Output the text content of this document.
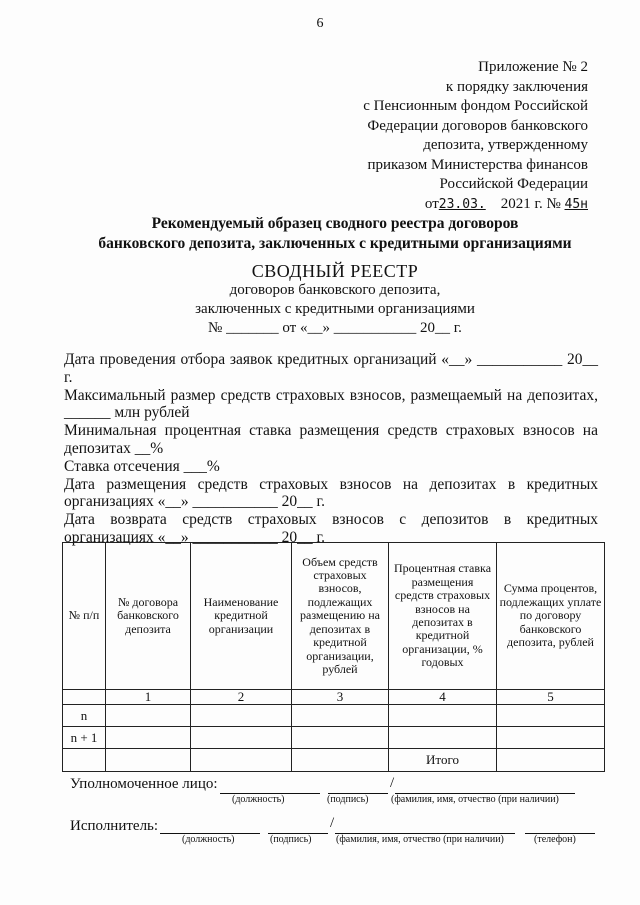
6
Приложение № 2
к порядку заключения
с Пенсионным фондом Российской
Федерации договоров банковского
депозита, утвержденному
приказом Министерства финансов
Российской Федерации
от23.03. 2021 г. № 45н
Рекомендуемый образец сводного реестра договоров
банковского депозита, заключенных с кредитными организациями
СВОДНЫЙ РЕЕСТР
договоров банковского депозита,
заключенных с кредитными организациями
№ _______ от «__» ___________ 20__ г.

Дата проведения отбора заявок кредитных организаций «__» ___________ 20__ г.

Максимальный размер средств страховых взносов, размещаемый на депозитах,

______ млн рублей

Минимальная процентная ставка размещения средств страховых взносов на депозитах __%

Ставка отсечения ___%

Дата размещения средств страховых взносов на депозитах в кредитных организациях «__» ___________ 20__ г.

Дата возврата средств страховых взносов с депозитов в кредитных организациях «__» ___________ 20__ г.

№ п/п	№ договора банковского депозита	Наименование кредитной организации	Объем средств страховых взносов, подлежащих размещению на депозитах в кредитной организации, рублей	Процентная ставка размещения средств страховых взносов на депозитах в кредитной организации, % годовых	Сумма процентов, подлежащих уплате по договору банковского депозита, рублей
	1	2	3	4	5
n					
n + 1					
				Итого	
Уполномоченное лицо:	/
(должность)	(подпись) (фамилия, имя, отчество (при наличии)
Исполнитель:	/
(должность)	(подпись) (фамилия, имя, отчество (при наличии)	(телефон)
